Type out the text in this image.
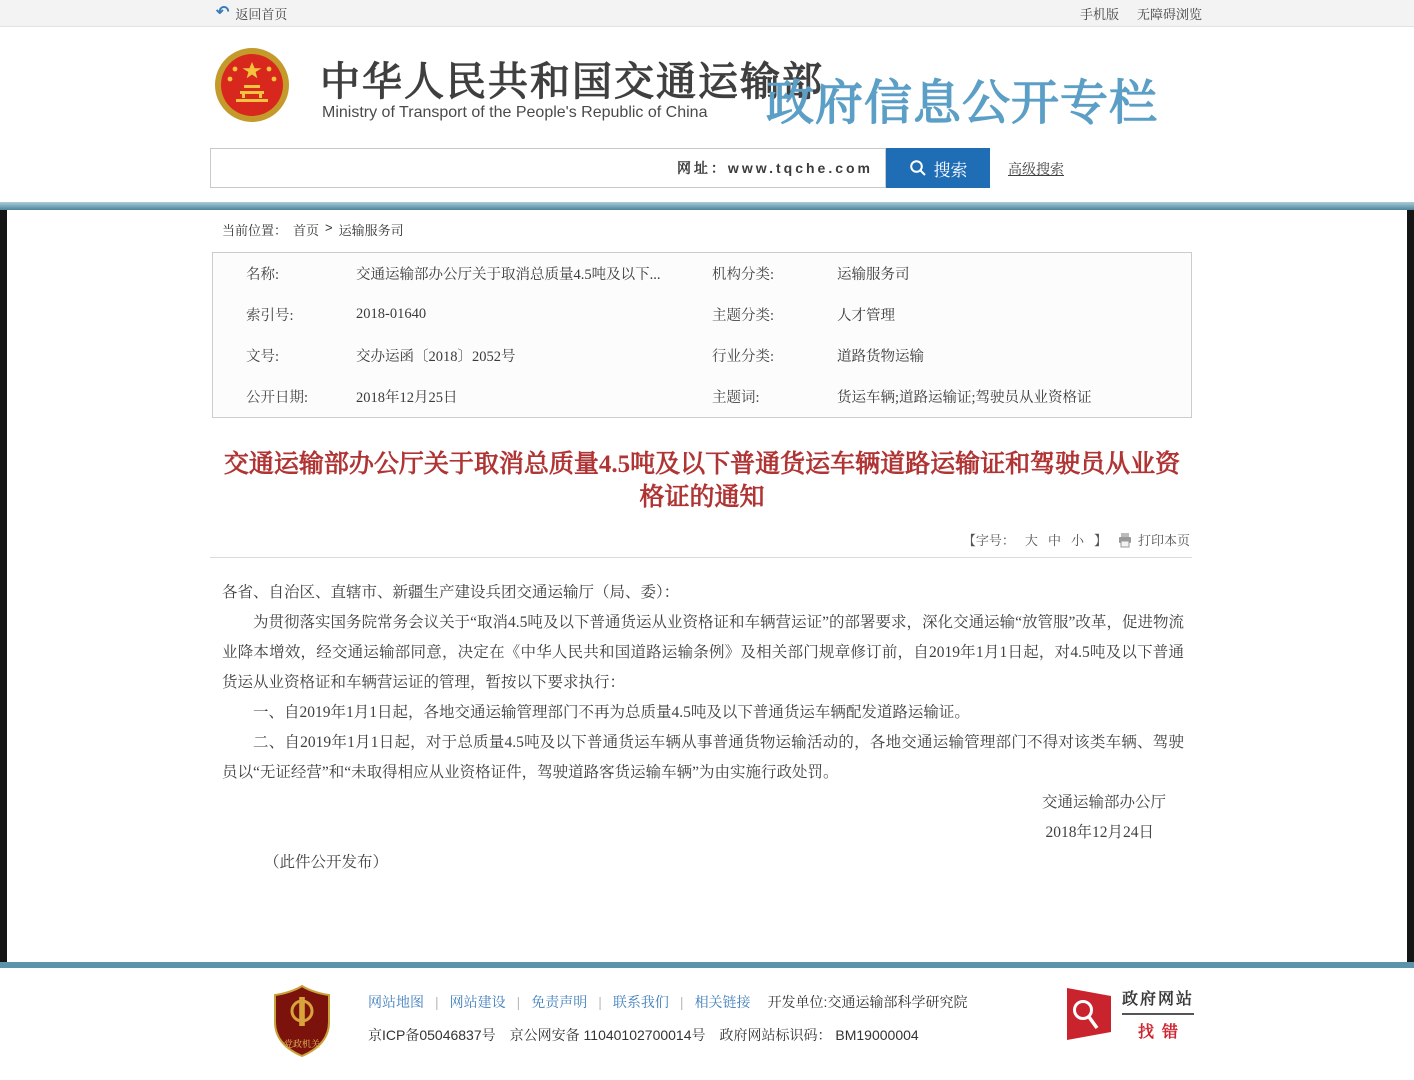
↶ 返回首页	手机版 无障碍浏览
中华人民共和国交通运输部
Ministry of Transport of the People's Republic of China 政府信息公开专栏
网址：www.tqche.com	搜索	高级搜索
当前位置： 首页 > 运输服务司
名称:	交通运输部办公厅关于取消总质量4.5吨及以下...	机构分类:	运输服务司
索引号:	2018-01640	主题分类:	人才管理
文号:	交办运函〔2018〕2052号	行业分类:	道路货物运输
公开日期:	2018年12月25日	主题词:	货运车辆;道路运输证;驾驶员从业资格证
交通运输部办公厅关于取消总质量4.5吨及以下普通货运车辆道路运输证和驾驶员从业资格证的通知
【字号： 大 中 小 】 打印本页

各省、自治区、直辖市、新疆生产建设兵团交通运输厅（局、委）：

为贯彻落实国务院常务会议关于“取消4.5吨及以下普通货运从业资格证和车辆营运证”的部署要求，深化交通运输“放管服”改革，促进物流业降本增效，经交通运输部同意，决定在《中华人民共和国道路运输条例》及相关部门规章修订前，自2019年1月1日起，对4.5吨及以下普通货运从业资格证和车辆营运证的管理，暂按以下要求执行：

一、自2019年1月1日起，各地交通运输管理部门不再为总质量4.5吨及以下普通货运车辆配发道路运输证。

二、自2019年1月1日起，对于总质量4.5吨及以下普通货运车辆从事普通货物运输活动的，各地交通运输管理部门不得对该类车辆、驾驶员以“无证经营”和“未取得相应从业资格证件，驾驶道路客货运输车辆”为由实施行政处罚。

交通运输部办公厅

2018年12月24日

（此件公开发布）

党政机关
网站地图 |	网站建设 |	免责声明 |	联系我们 |	相关链接	开发单位:交通运输部科学研究院
京ICP备05046837号 京公网安备 11040102700014号 政府网站标识码： BM19000004
政府网站
找错
